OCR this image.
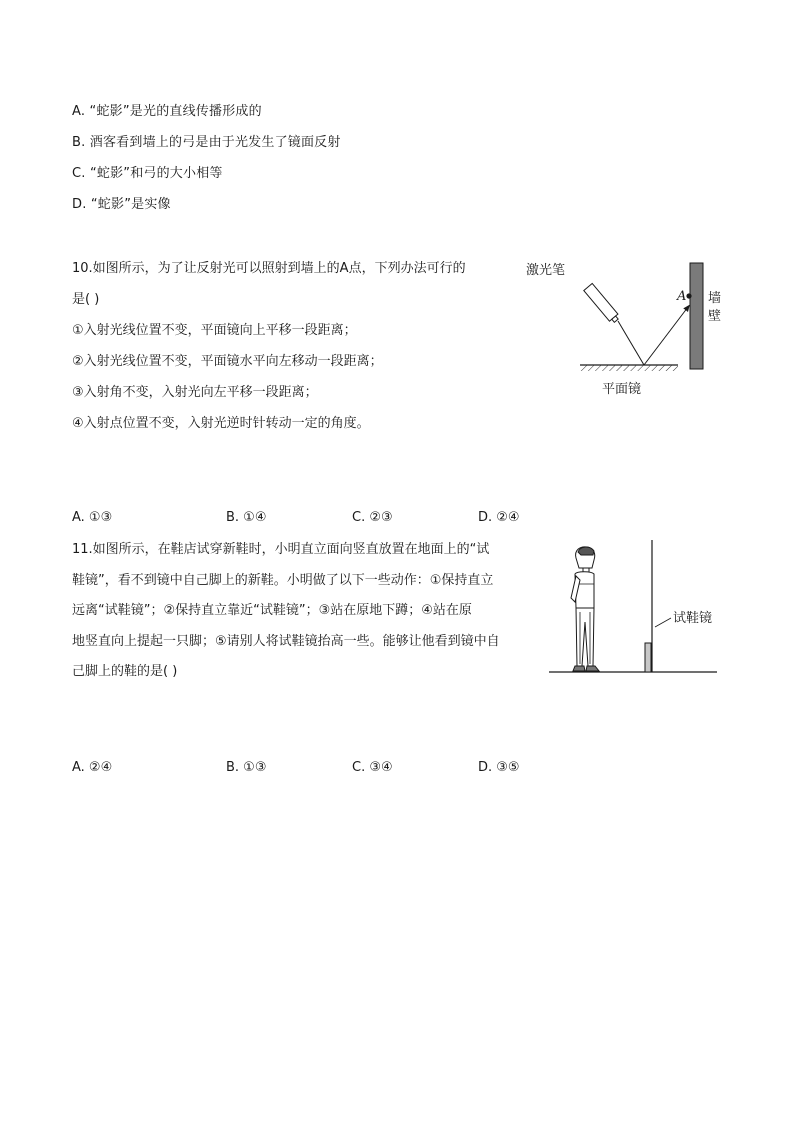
A. “蛇影”是光的直线传播形成的
B. 酒客看到墙上的弓是由于光发生了镜面反射
C. “蛇影”和弓的大小相等
D. “蛇影”是实像

10.如图所示，为了让反射光可以照射到墙上的A点，下列办法可行的

是( )

①入射光线位置不变，平面镜向上平移一段距离；

②入射光线位置不变，平面镜水平向左移动一段距离；

③入射角不变，入射光向左平移一段距离；

④入射点位置不变，入射光逆时针转动一定的角度。

A. ①③	B. ①④	C. ②③	D. ②④
激光笔
平面镜
A 墙
壁

11.如图所示，在鞋店试穿新鞋时，小明直立面向竖直放置在地面上的“试

鞋镜”，看不到镜中自己脚上的新鞋。小明做了以下一些动作：①保持直立

远离“试鞋镜”；②保持直立靠近“试鞋镜”；③站在原地下蹲；④站在原

地竖直向上提起一只脚；⑤请别人将试鞋镜抬高一些。能够让他看到镜中自

己脚上的鞋的是( )

A. ②④	B. ①③	C. ③④	D. ③⑤
试鞋镜
